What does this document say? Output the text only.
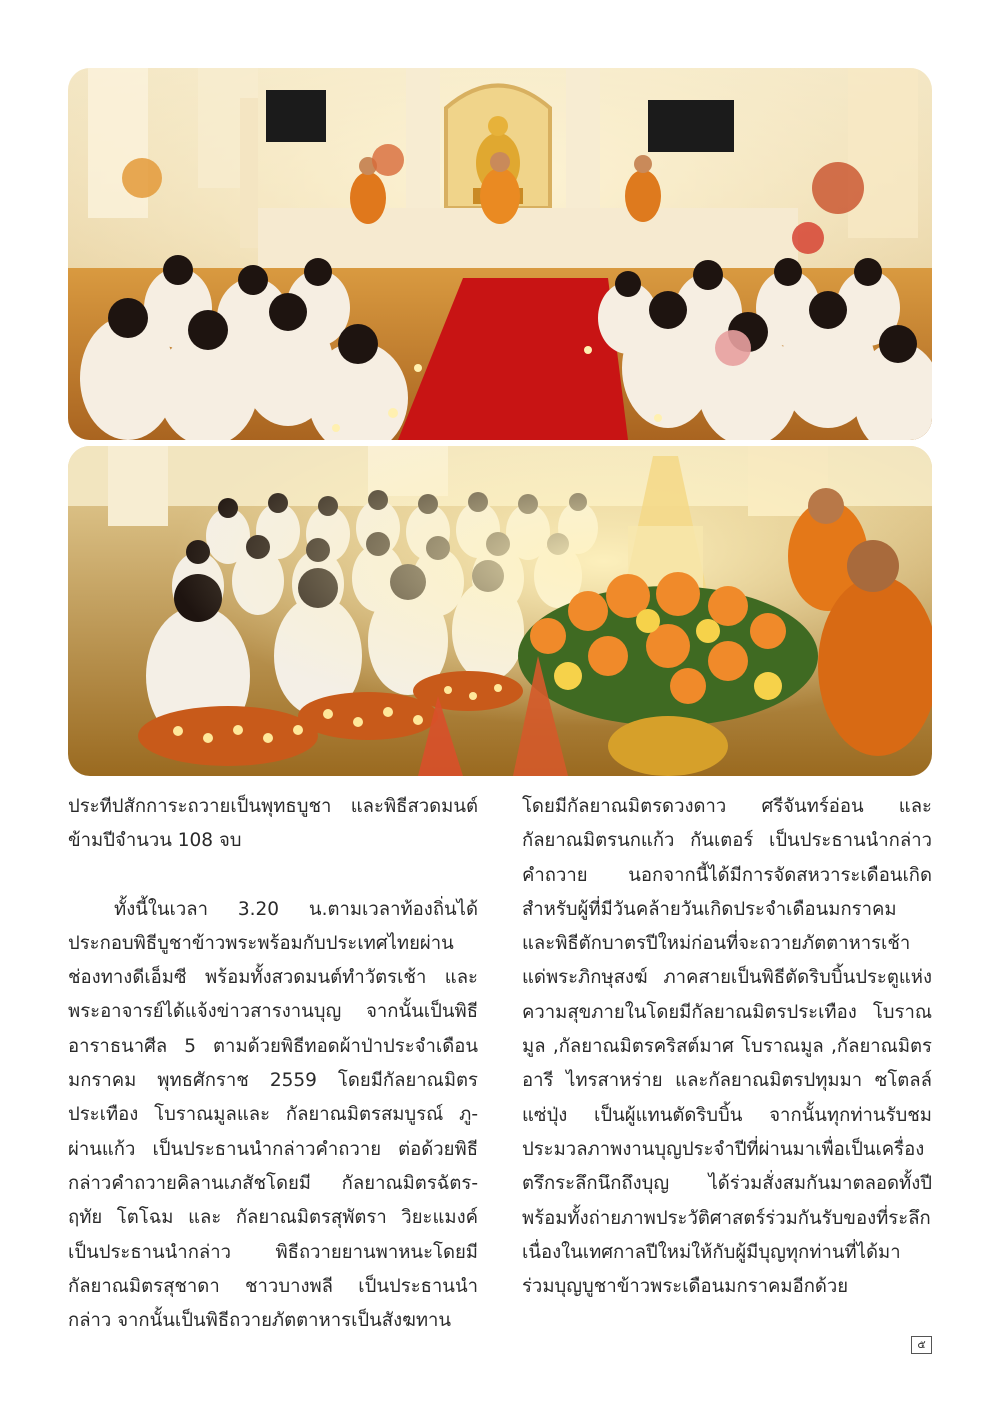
ประทีปสักการะถวายเป็นพุทธบูชา และพิธีสวดมนต์ข้ามปีจำนวน 108 จบ

ทั้งนี้ในเวลา 3.20 น.ตามเวลาท้องถิ่นได้ประกอบพิธีบูชาข้าวพระพร้อมกับประเทศไทยผ่านช่องทางดีเอ็มซี พร้อมทั้งสวดมนต์ทำวัตรเช้า และพระอาจารย์ได้แจ้งข่าวสารงานบุญ จากนั้นเป็นพิธีอาราธนาศีล 5 ตามด้วยพิธีทอดผ้าป่าประจำเดือนมกราคม พุทธศักราช 2559 โดยมีกัลยาณมิตรประเทือง โบราณมูลและ กัลยาณมิตรสมบูรณ์ ภู-ผ่านแก้ว เป็นประธานนำกล่าวคำถวาย ต่อด้วยพิธีกล่าวคำถวายคิลานเภสัชโดยมี กัลยาณมิตรฉัตร-ฤทัย โตโฉม และ กัลยาณมิตรสุพัตรา วิยะแมงค์ เป็นประธานนำกล่าว พิธีถวายยานพาหนะโดยมีกัลยาณมิตรสุชาดา ชาวบางพลี เป็นประธานนำกล่าว จากนั้นเป็นพิธีถวายภัตตาหารเป็นสังฆทาน

โดยมีกัลยาณมิตรดวงดาว ศรีจันทร์อ่อน และกัลยาณมิตรนกแก้ว กันเตอร์ เป็นประธานนำกล่าวคำถวาย นอกจากนี้ได้มีการจัดสหวาระเดือนเกิดสำหรับผู้ที่มีวันคล้ายวันเกิดประจำเดือนมกราคม และพิธีตักบาตรปีใหม่ก่อนที่จะถวายภัตตาหารเช้าแด่พระภิกษุสงฆ์ ภาคสายเป็นพิธีตัดริบบิ้นประตูแห่งความสุขภายในโดยมีกัลยาณมิตรประเทือง โบราณมูล ,กัลยาณมิตรคริสต์มาศ โบราณมูล ,กัลยาณมิตรอารี ไทรสาหร่าย และกัลยาณมิตรปทุมมา ซโตลล์ แซ่ปุ่ง เป็นผู้แทนตัดริบบิ้น จากนั้นทุกท่านรับชมประมวลภาพงานบุญประจำปีที่ผ่านมาเพื่อเป็นเครื่องตรึกระลึกนึกถึงบุญ ได้ร่วมสั่งสมกันมาตลอดทั้งปี พร้อมทั้งถ่ายภาพประวัติศาสตร์ร่วมกันรับของที่ระลึกเนื่องในเทศกาลปีใหม่ให้กับผู้มีบุญทุกท่านที่ได้มาร่วมบุญบูชาข้าวพระเดือนมกราคมอีกด้วย

๕
